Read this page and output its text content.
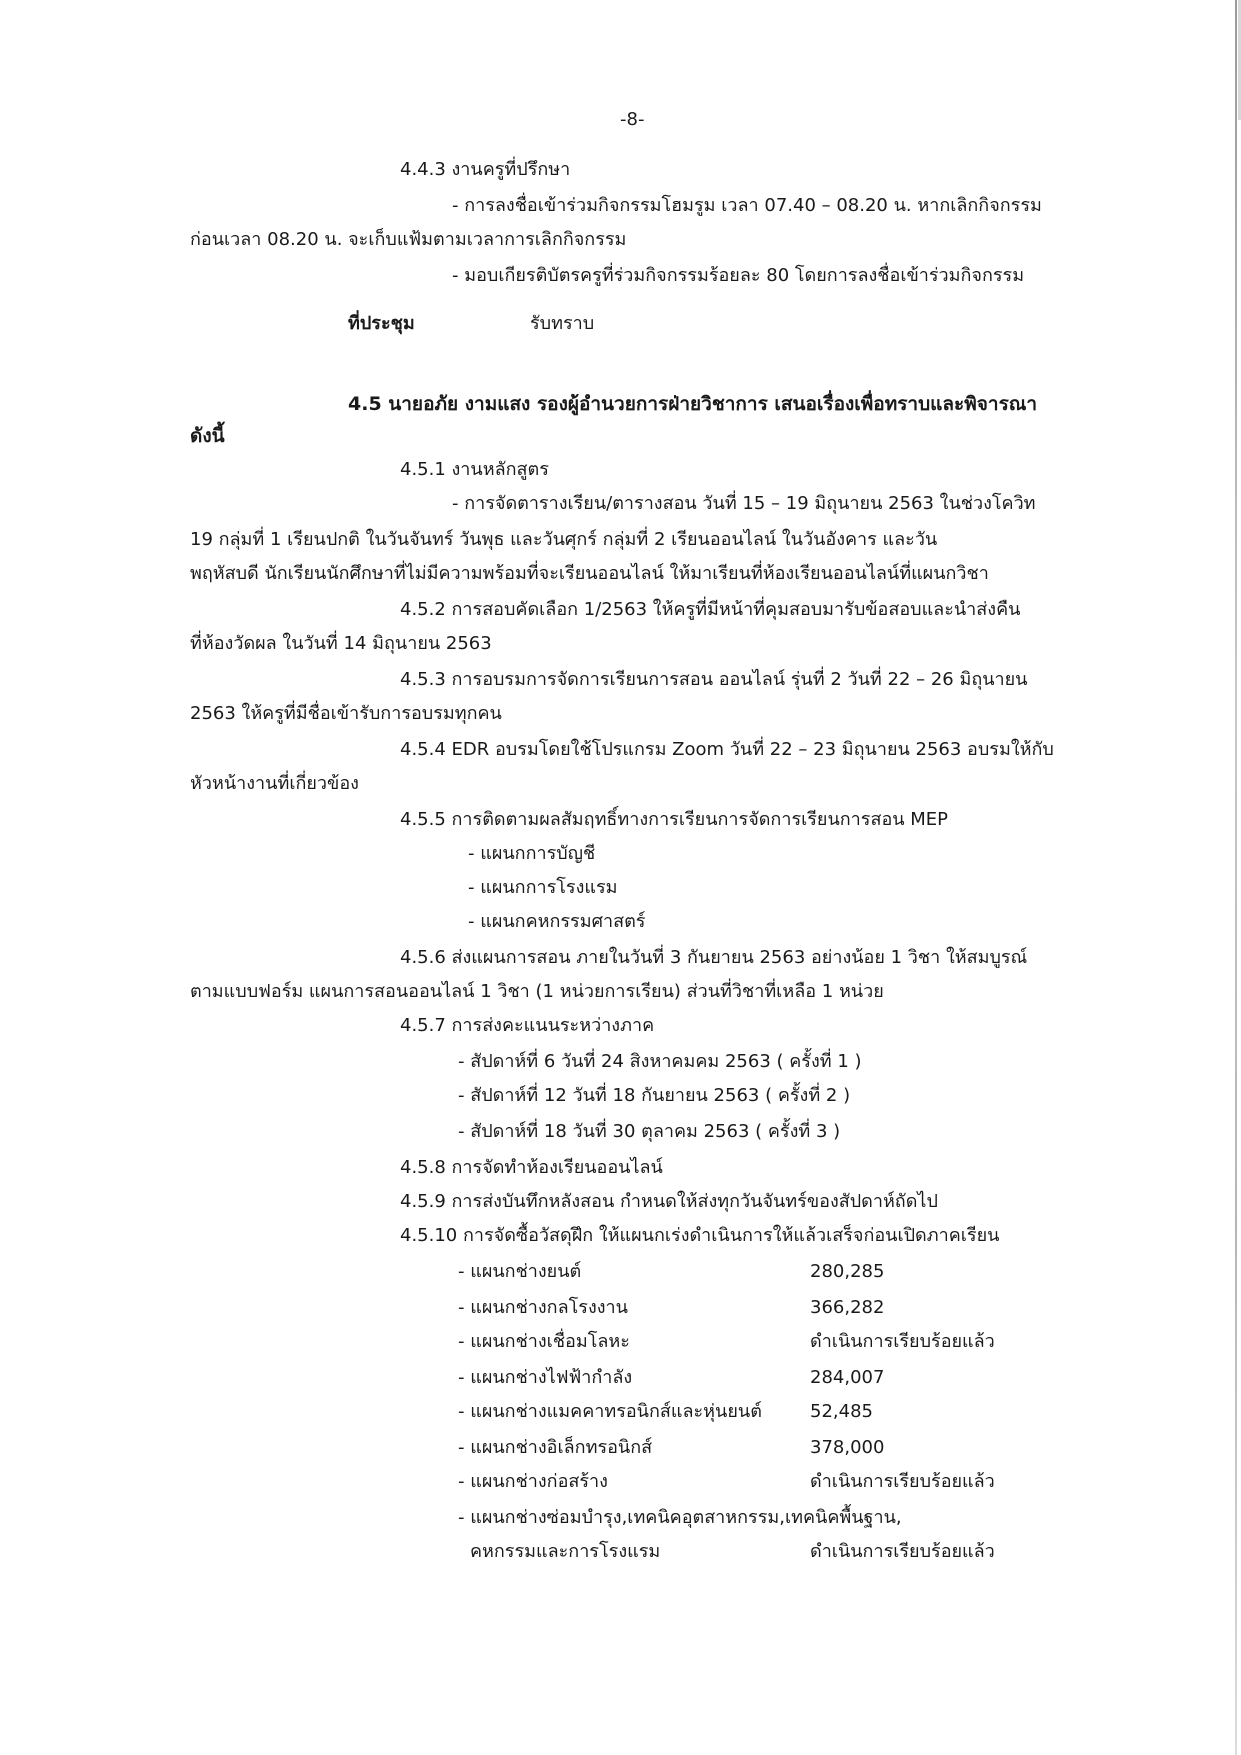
-8-
4.4.3 งานครูที่ปรึกษา
- การลงชื่อเข้าร่วมกิจกรรมโฮมรูม เวลา 07.40 – 08.20 น. หากเลิกกิจกรรม
ก่อนเวลา 08.20 น. จะเก็บแฟ้มตามเวลาการเลิกกิจกรรม
- มอบเกียรติบัตรครูที่ร่วมกิจกรรมร้อยละ 80 โดยการลงชื่อเข้าร่วมกิจกรรม
ที่ประชุม	รับทราบ
4.5 นายอภัย งามแสง รองผู้อำนวยการฝ่ายวิชาการ เสนอเรื่องเพื่อทราบและพิจารณา
ดังนี้
4.5.1 งานหลักสูตร
- การจัดตารางเรียน/ตารางสอน วันที่ 15 – 19 มิถุนายน 2563 ในช่วงโควิท
19 กลุ่มที่ 1 เรียนปกติ ในวันจันทร์ วันพุธ และวันศุกร์ กลุ่มที่ 2 เรียนออนไลน์ ในวันอังคาร และวัน
พฤหัสบดี นักเรียนนักศึกษาที่ไม่มีความพร้อมที่จะเรียนออนไลน์ ให้มาเรียนที่ห้องเรียนออนไลน์ที่แผนกวิชา
4.5.2 การสอบคัดเลือก 1/2563 ให้ครูที่มีหน้าที่คุมสอบมารับข้อสอบและนำส่งคืน
ที่ห้องวัดผล ในวันที่ 14 มิถุนายน 2563
4.5.3 การอบรมการจัดการเรียนการสอน ออนไลน์ รุ่นที่ 2 วันที่ 22 – 26 มิถุนายน
2563 ให้ครูที่มีชื่อเข้ารับการอบรมทุกคน
4.5.4 EDR อบรมโดยใช้โปรแกรม Zoom วันที่ 22 – 23 มิถุนายน 2563 อบรมให้กับ
หัวหน้างานที่เกี่ยวข้อง
4.5.5 การติดตามผลสัมฤทธิ์ทางการเรียนการจัดการเรียนการสอน MEP
- แผนกการบัญชี
- แผนกการโรงแรม
- แผนกคหกรรมศาสตร์
4.5.6 ส่งแผนการสอน ภายในวันที่ 3 กันยายน 2563 อย่างน้อย 1 วิชา ให้สมบูรณ์
ตามแบบฟอร์ม แผนการสอนออนไลน์ 1 วิชา (1 หน่วยการเรียน) ส่วนที่วิชาที่เหลือ 1 หน่วย
4.5.7 การส่งคะแนนระหว่างภาค
- สัปดาห์ที่ 6 วันที่ 24 สิงหาคมคม 2563 ( ครั้งที่ 1 )
- สัปดาห์ที่ 12 วันที่ 18 กันยายน 2563 ( ครั้งที่ 2 )
- สัปดาห์ที่ 18 วันที่ 30 ตุลาคม 2563 ( ครั้งที่ 3 )
4.5.8 การจัดทำห้องเรียนออนไลน์
4.5.9 การส่งบันทึกหลังสอน กำหนดให้ส่งทุกวันจันทร์ของสัปดาห์ถัดไป
4.5.10 การจัดซื้อวัสดุฝึก ให้แผนกเร่งดำเนินการให้แล้วเสร็จก่อนเปิดภาคเรียน
- แผนกช่างยนต์	280,285
- แผนกช่างกลโรงงาน	366,282
- แผนกช่างเชื่อมโลหะ	ดำเนินการเรียบร้อยแล้ว
- แผนกช่างไฟฟ้ากำลัง	284,007
- แผนกช่างแมคคาทรอนิกส์และหุ่นยนต์	52,485
- แผนกช่างอิเล็กทรอนิกส์	378,000
- แผนกช่างก่อสร้าง	ดำเนินการเรียบร้อยแล้ว
- แผนกช่างซ่อมบำรุง,เทคนิคอุตสาหกรรม,เทคนิคพื้นฐาน,
คหกรรมและการโรงแรม	ดำเนินการเรียบร้อยแล้ว
